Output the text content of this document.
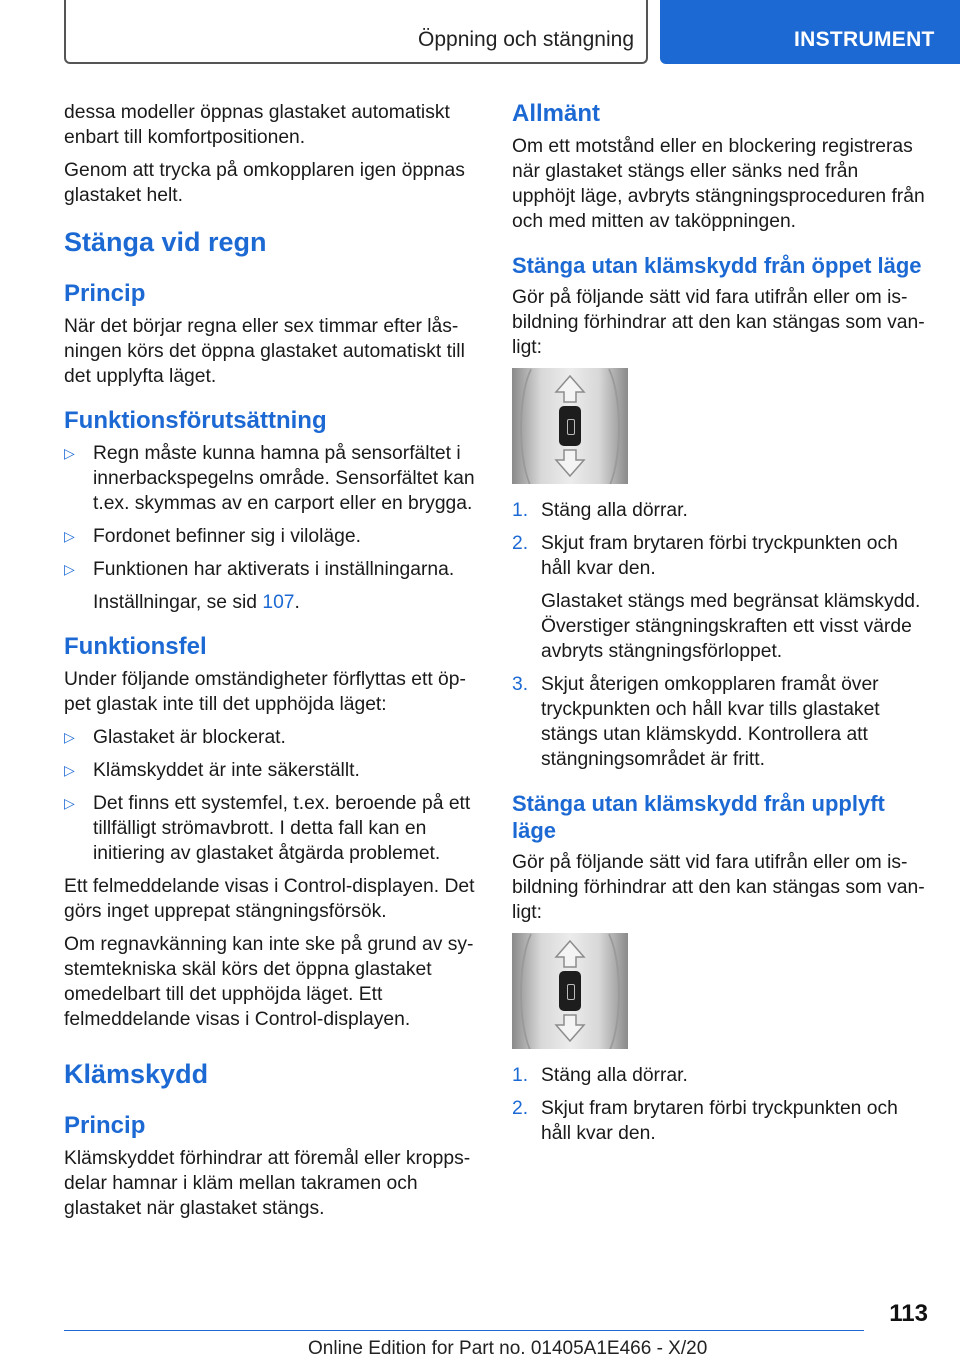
Öppning och stängning	INSTRUMENT

dessa modeller öppnas glastaket automatiskt enbart till komfortpositionen.

Genom att trycka på omkopplaren igen öppnas glastaket helt.

Stänga vid regn
Princip

När det börjar regna eller sex timmar efter låsningen körs det öppna glastaket automatiskt till det upplyfta läget.

Funktionsförutsättning
▷ Regn måste kunna hamna på sensorfältet i innerbackspegelns område. Sensorfältet kan t.ex. skymmas av en carport eller en brygga.
▷ Fordonet befinner sig i viloläge.
▷ Funktionen har aktiverats i inställningarna.
Inställningar, se sid 107.
Funktionsfel

Under följande omständigheter förflyttas ett öppet glastak inte till det upphöjda läget:

▷ Glastaket är blockerat.
▷ Klämskyddet är inte säkerställt.
▷ Det finns ett systemfel, t.ex. beroende på ett tillfälligt strömavbrott. I detta fall kan en initiering av glastaket åtgärda problemet.

Ett felmeddelande visas i Control-displayen. Det görs inget upprepat stängningsförsök.

Om regnavkänning kan inte ske på grund av systemtekniska skäl körs det öppna glastaket omedelbart till det upphöjda läget. Ett felmeddelande visas i Control-displayen.

Klämskydd
Princip

Klämskyddet förhindrar att föremål eller kroppsdelar hamnar i kläm mellan takramen och glastaket när glastaket stängs.

Allmänt

Om ett motstånd eller en blockering registreras när glastaket stängs eller sänks ned från upphöjt läge, avbryts stängningsproceduren från och med mitten av taköppningen.

Stänga utan klämskydd från öppet läge

Gör på följande sätt vid fara utifrån eller om isbildning förhindrar att den kan stängas som vanligt:

1. Stäng alla dörrar.
2. Skjut fram brytaren förbi tryckpunkten och håll kvar den.
Glastaket stängs med begränsat klämskydd. Överstiger stängningskraften ett visst värde avbryts stängningsförloppet.
3. Skjut återigen omkopplaren framåt över tryckpunkten och håll kvar tills glastaket stängs utan klämskydd. Kontrollera att stängningsområdet är fritt.
Stänga utan klämskydd från upplyft läge

Gör på följande sätt vid fara utifrån eller om isbildning förhindrar att den kan stängas som vanligt:

1. Stäng alla dörrar.
2. Skjut fram brytaren förbi tryckpunkten och håll kvar den.
113
Online Edition for Part no. 01405A1E466 - X/20
